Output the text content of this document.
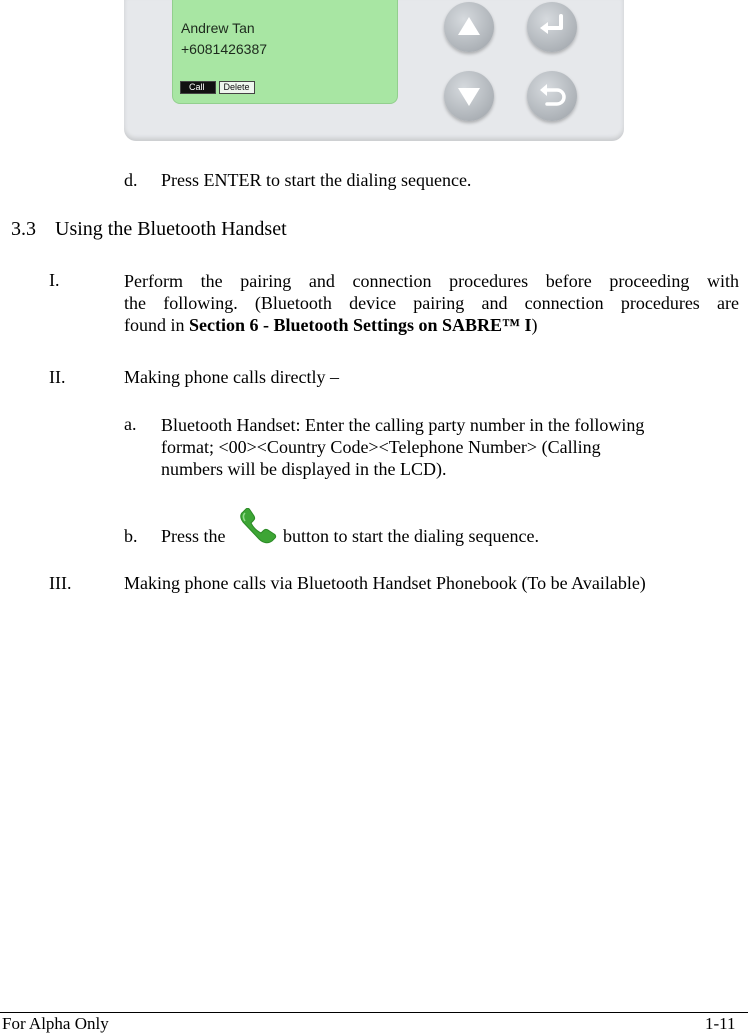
Andrew Tan
+6081426387
Call	Delete
d. Press ENTER to start the dialing sequence.
3.3 Using the Bluetooth Handset
I.	Perform the pairing and connection procedures before proceeding with
the following. (Bluetooth device pairing and connection procedures are
found in Section 6 - Bluetooth Settings on SABRE™ I)
II.	Making phone calls directly –
a. Bluetooth Handset: Enter the calling party number in the following
format; <00><Country Code><Telephone Number> (Calling
numbers will be displayed in the LCD).
b. Press the	button to start the dialing sequence.
III.	Making phone calls via Bluetooth Handset Phonebook (To be Available)
For Alpha Only	1-11
